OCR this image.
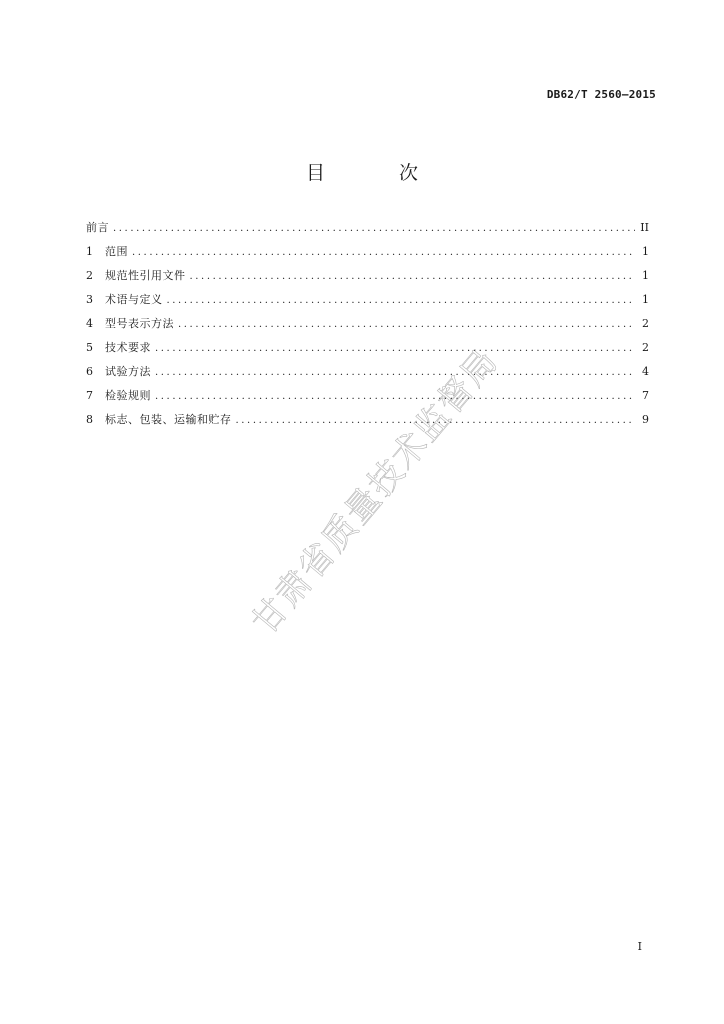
DB62/T 2560—2015
目 次
前言 .....	II
1	范围 .....	1
2	规范性引用文件 .....	1
3	术语与定义 .....	1
4	型号表示方法 .....	2
5	技术要求 .....	2
6	试验方法 .....	4
7	检验规则 .....	7
8	标志、包装、运输和贮存 .....	9
甘肃省质量技术监督局
I
